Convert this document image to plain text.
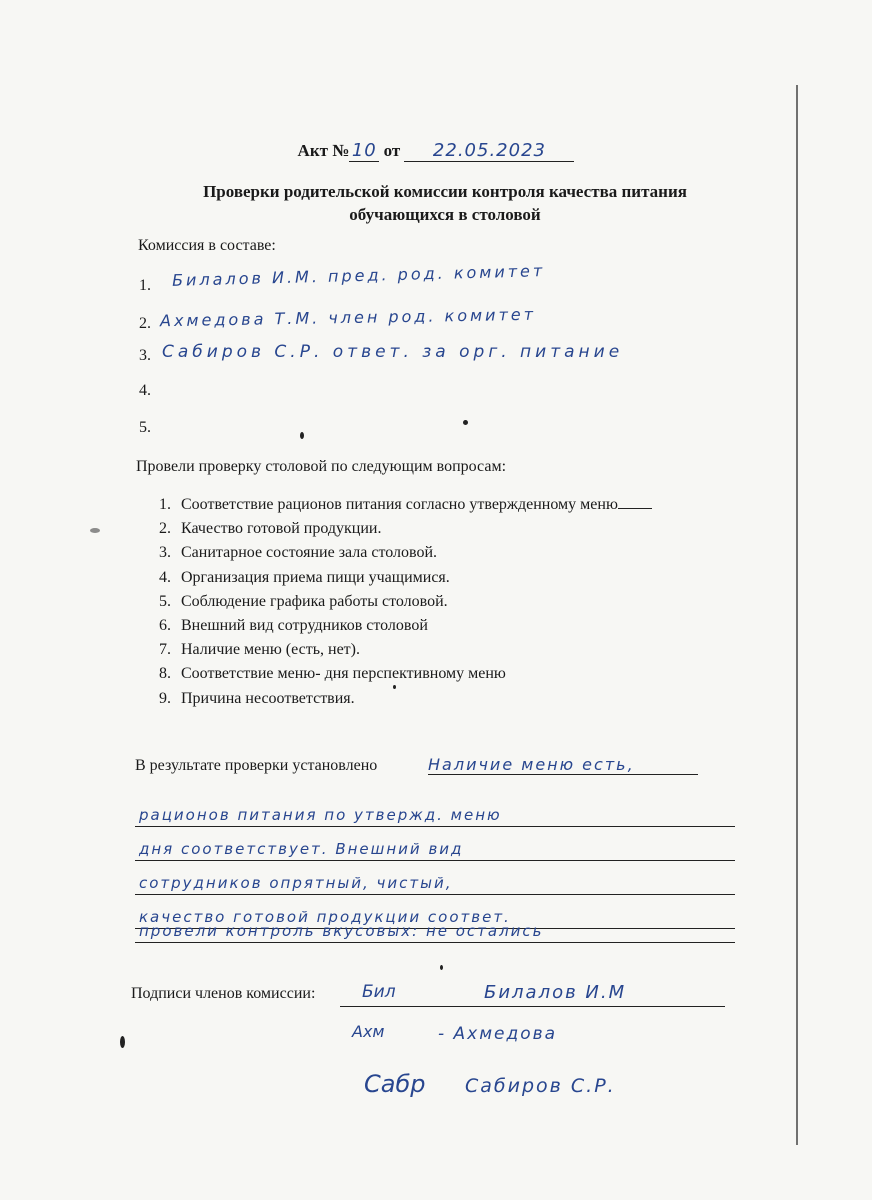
Акт № 10 от 22.05.2023
Проверки родительской комиссии контроля качества питания
обучающихся в столовой
Комиссия в составе:
1. Билалов И.М. пред. род. комитет
2. Ахмедова Т.М. член род. комитет
3. Сабиров С.Р. ответ. за орг. питание
4.
5.
Провели проверку столовой по следующим вопросам:
1. Соответствие рационов питания согласно утвержденному меню
2. Качество готовой продукции.
3. Санитарное состояние зала столовой.
4. Организация приема пищи учащимися.
5. Соблюдение графика работы столовой.
6. Внешний вид сотрудников столовой
7. Наличие меню (есть, нет).
8. Соответствие меню- дня перспективному меню
9. Причина несоответствия.
В результате проверки установлено	Наличие меню есть,
рационов питания по утвержд. меню
дня соответствует. Внешний вид
сотрудников опрятный, чистый,
качество готовой продукции соответ.
провели контроль вкусовых: не остались
Подписи членов комиссии:	Бил	Билалов И.М
Ахм	- Ахмедова
Сабр Сабиров С.Р.
